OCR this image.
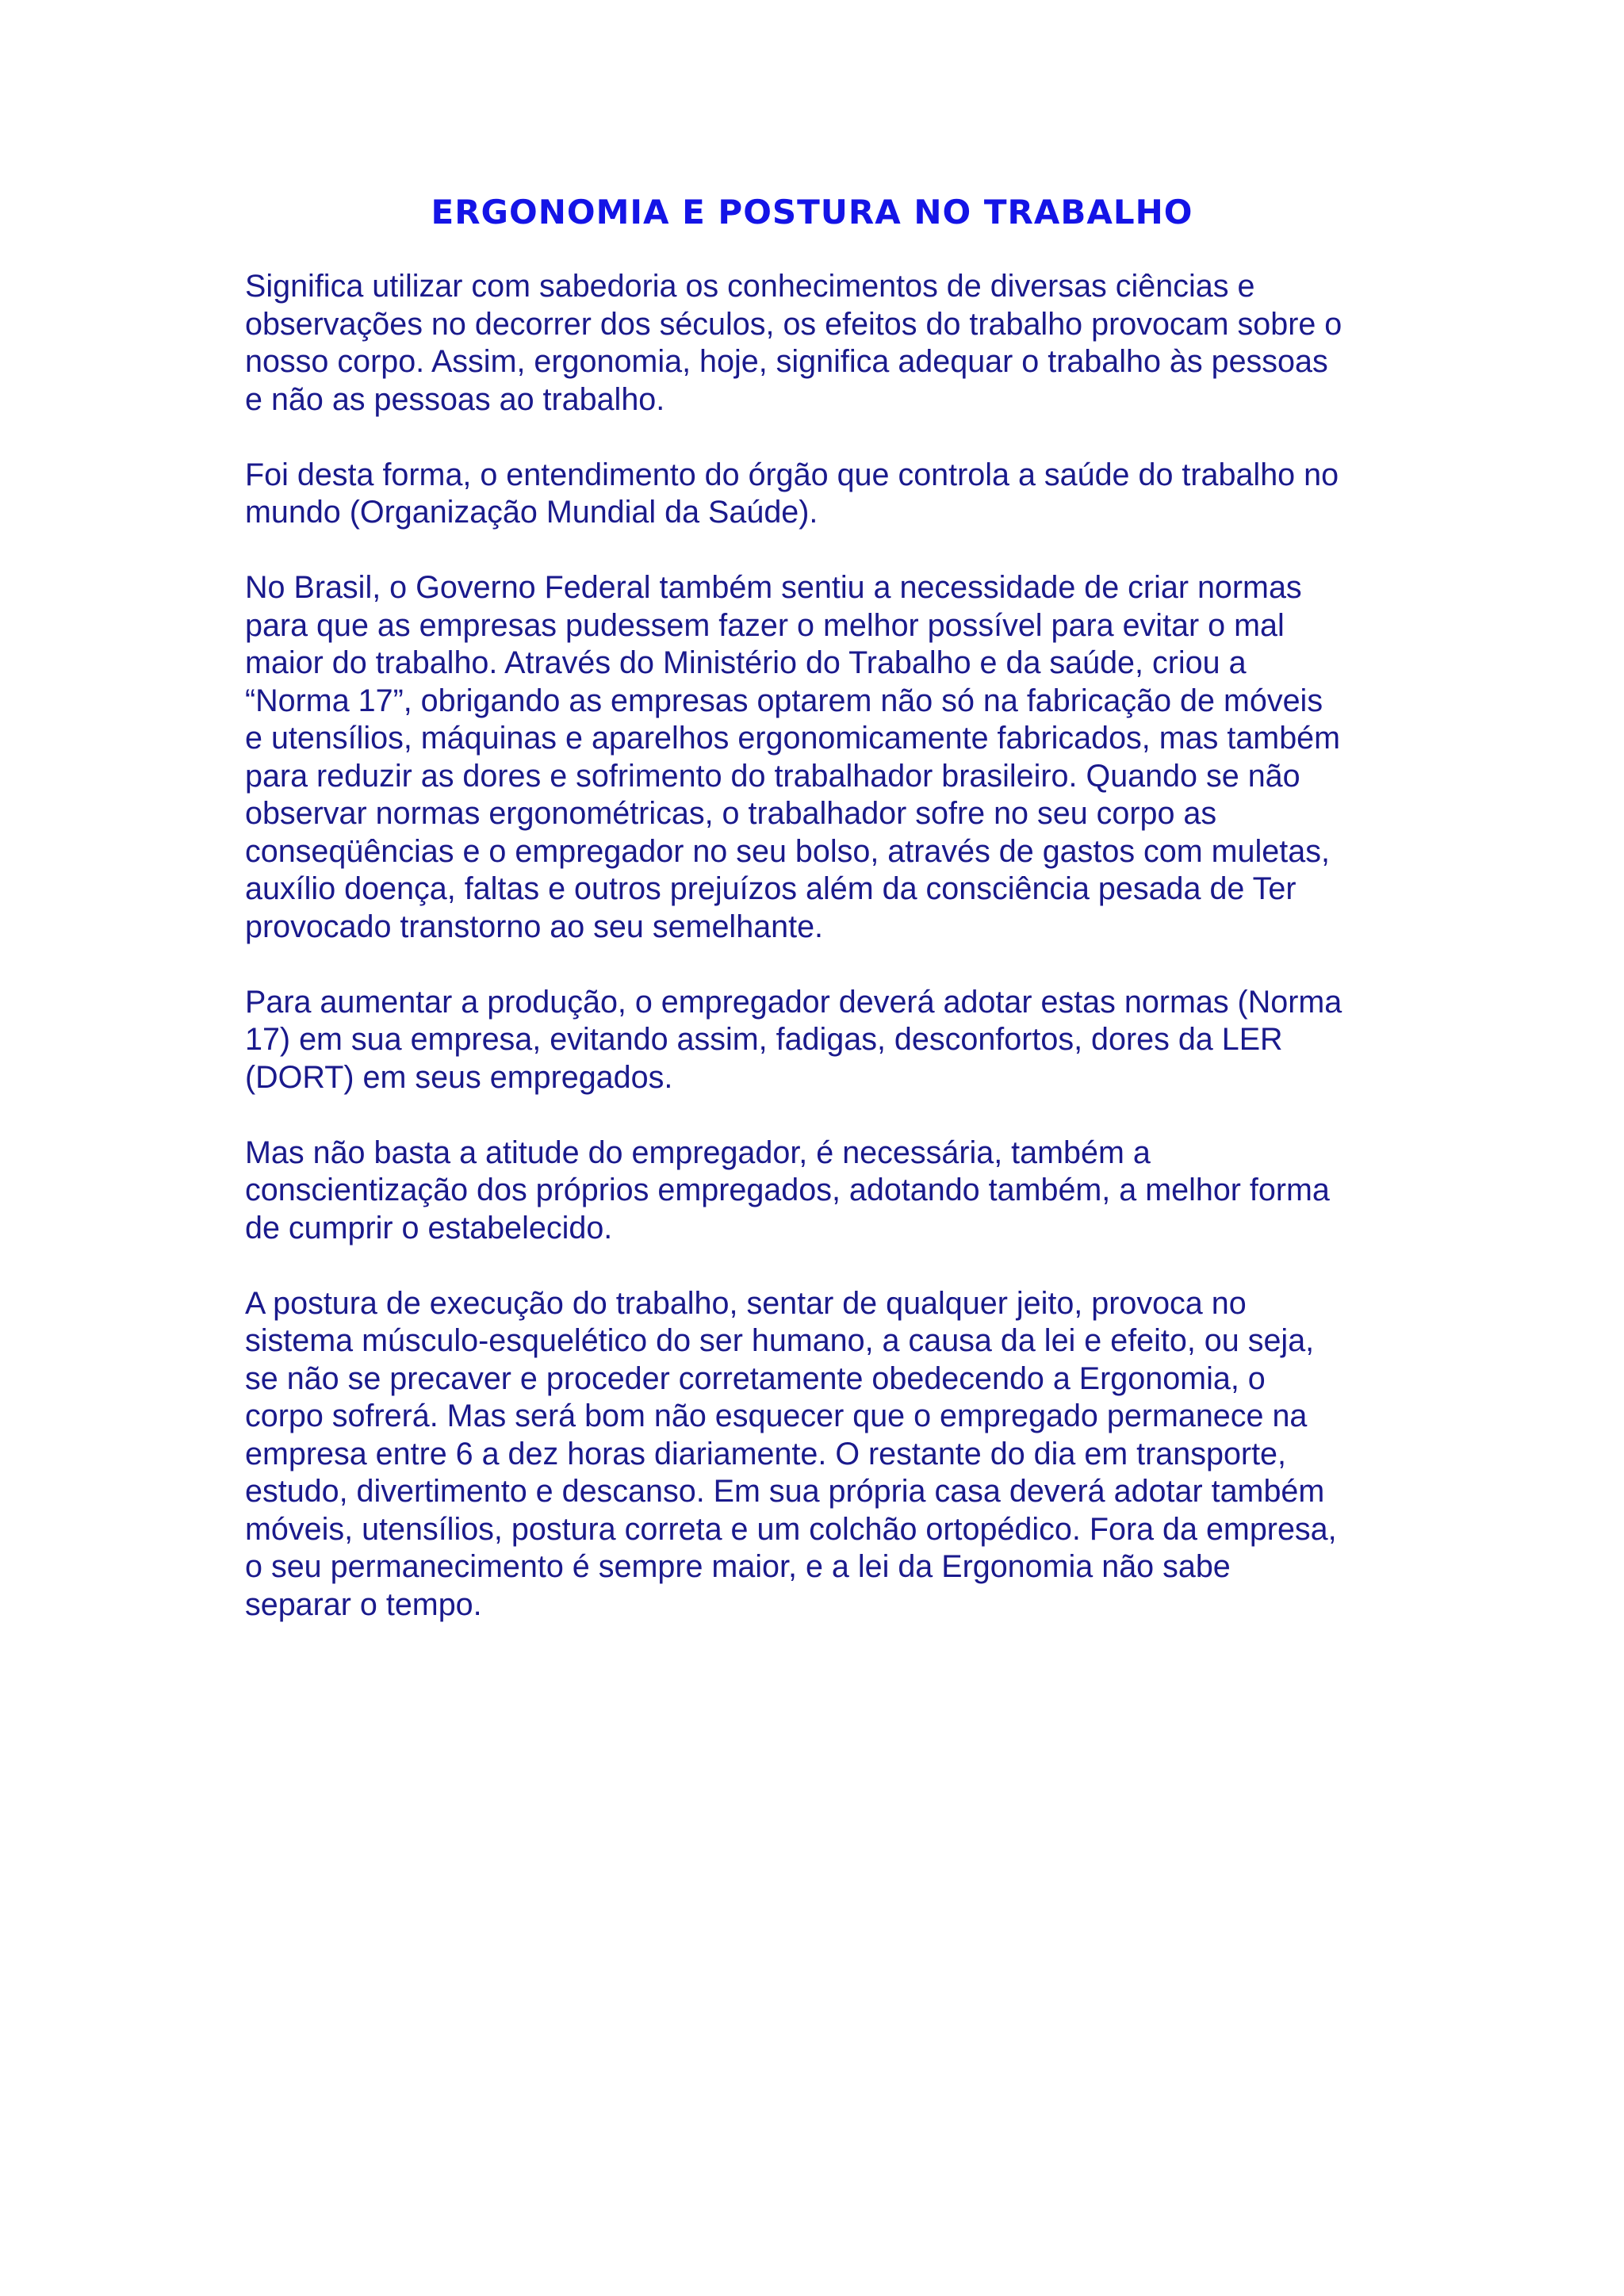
ERGONOMIA E POSTURA NO TRABALHO

Significa utilizar com sabedoria os conhecimentos de diversas ciências e
observações no decorrer dos séculos, os efeitos do trabalho provocam sobre o
nosso corpo. Assim, ergonomia, hoje, significa adequar o trabalho às pessoas
e não as pessoas ao trabalho.

Foi desta forma, o entendimento do órgão que controla a saúde do trabalho no
mundo (Organização Mundial da Saúde).

No Brasil, o Governo Federal também sentiu a necessidade de criar normas
para que as empresas pudessem fazer o melhor possível para evitar o mal
maior do trabalho. Através do Ministério do Trabalho e da saúde, criou a
“Norma 17”, obrigando as empresas optarem não só na fabricação de móveis
e utensílios, máquinas e aparelhos ergonomicamente fabricados, mas também
para reduzir as dores e sofrimento do trabalhador brasileiro. Quando se não
observar normas ergonométricas, o trabalhador sofre no seu corpo as
conseqüências e o empregador no seu bolso, através de gastos com muletas,
auxílio doença, faltas e outros prejuízos além da consciência pesada de Ter
provocado transtorno ao seu semelhante.

Para aumentar a produção, o empregador deverá adotar estas normas (Norma
17) em sua empresa, evitando assim, fadigas, desconfortos, dores da LER
(DORT) em seus empregados.

Mas não basta a atitude do empregador, é necessária, também a
conscientização dos próprios empregados, adotando também, a melhor forma
de cumprir o estabelecido.

A postura de execução do trabalho, sentar de qualquer jeito, provoca no
sistema músculo-esquelético do ser humano, a causa da lei e efeito, ou seja,
se não se precaver e proceder corretamente obedecendo a Ergonomia, o
corpo sofrerá. Mas será bom não esquecer que o empregado permanece na
empresa entre 6 a dez horas diariamente. O restante do dia em transporte,
estudo, divertimento e descanso. Em sua própria casa deverá adotar também
móveis, utensílios, postura correta e um colchão ortopédico. Fora da empresa,
o seu permanecimento é sempre maior, e a lei da Ergonomia não sabe
separar o tempo.
